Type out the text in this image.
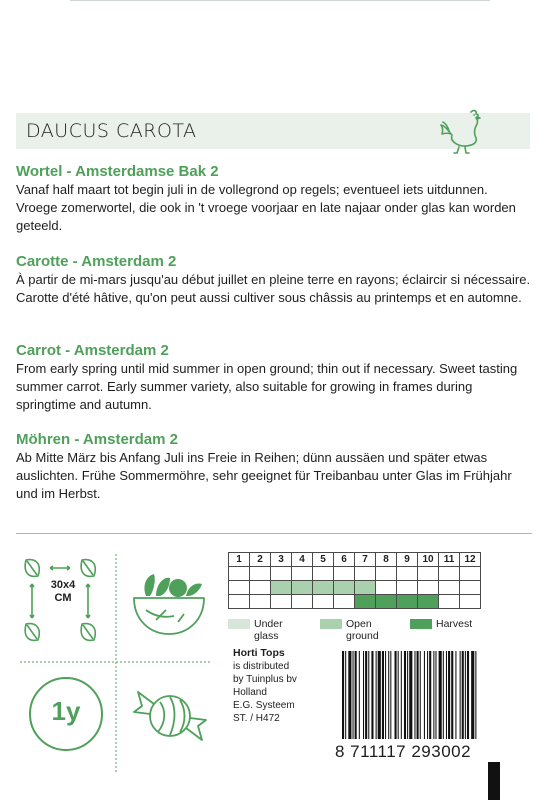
DAUCUS CAROTA
Wortel - Amsterdamse Bak 2

Vanaf half maart tot begin juli in de vollegrond op regels; eventueel iets uitdunnen. Vroege zomerwortel, die ook in 't vroege voorjaar en late najaar onder glas kan worden geteeld.

Carotte - Amsterdam 2

À partir de mi-mars jusqu'au début juillet en pleine terre en rayons; éclaircir si nécessaire. Carotte d'été hâtive, qu'on peut aussi cultiver sous châssis au printemps et en automne.

Carrot - Amsterdam 2

From early spring until mid summer in open ground; thin out if necessary. Sweet tasting summer carrot. Early summer variety, also suitable for growing in frames during springtime and autumn.

Möhren - Amsterdam 2

Ab Mitte März bis Anfang Juli ins Freie in Reihen; dünn aussäen und später etwas auslichten. Frühe Sommermöhre, sehr geeignet für Treibanbau unter Glas im Frühjahr und im Herbst.

30x4
CM
1y
1	2	3	4	5	6	7	8	9	10	11	12

Under glass
Open ground
Harvest
Horti Tops
is distributed
by Tuinplus bv
Holland
E.G. Systeem
ST. / H472
8 711117 293002
